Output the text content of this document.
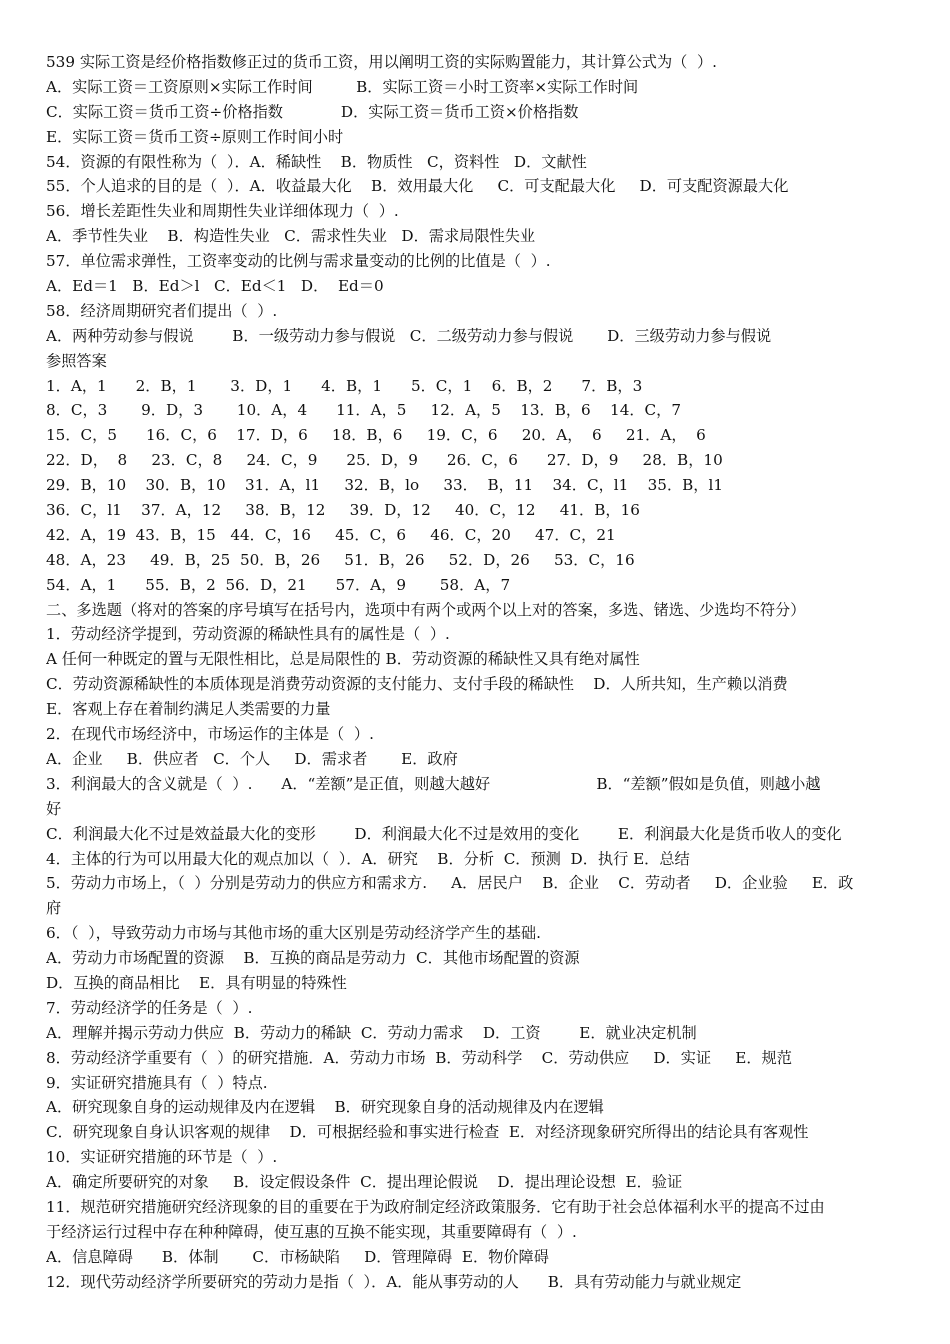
539 实际工资是经价格指数修正过的货币工资，用以阐明工资的实际购置能力，其计算公式为（  ）.
A．实际工资＝工资原则×实际工作时间         B．实际工资＝小时工资率×实际工作时间
C．实际工资＝货币工资÷价格指数            D．实际工资＝货币工资×价格指数
E．实际工资＝货币工资÷原则工作时间小时
54．资源的有限性称为（  ）．A．稀缺性    B．物质性   C，资料性   D．文献性
55．个人追求的目的是（  ）．A．收益最大化    B．效用最大化     C．可支配最大化     D．可支配资源最大化
56．增长差距性失业和周期性失业详细体现力（  ）.
A．季节性失业    B．构造性失业   C．需求性失业   D．需求局限性失业
57．单位需求弹性，工资率变动的比例与需求量变动的比例的比值是（  ）.
A．Ed＝1   B．Ed＞l   C．Ed＜1   D．  Ed＝0
58．经济周期研究者们提出（  ）.
A．两种劳动参与假说        B．一级劳动力参与假说   C．二级劳动力参与假说       D．三级劳动力参与假说
参照答案
1．A，1      2．B，1       3．D，1      4．B，1      5．C，1    6．B，2      7．B，3
8．C，3       9．D，3       10．A，4      11．A，5     12．A，5    13．B，6    14．C，7
15．C，5      16．C，6    17．D，6     18．B，6     19．C，6     20．A，  6     21．A，  6
22．D，  8     23．C，8     24．C，9      25．D，9      26．C，6      27．D，9     28．B，10
29．B，10    30．B，10    31．A，l1     32．B，lo     33．  B，11    34．C，l1    35．B，l1
36．C，l1    37．A，12     38．B，12     39．D，12     40．C，12     41．B，16
42．A，19  43．B，15   44．C，16     45．C，6     46．C，20     47．C，21
48．A，23     49．B，25  50．B，26     51．B，26     52．D，26     53．C，16
54．A，1      55．B，2  56．D，21      57．A，9       58．A，7
二、多选题（将对的答案的序号填写在括号内，选项中有两个或两个以上对的答案，多选、锗选、少选均不符分）
1．劳动经济学提到，劳动资源的稀缺性具有的属性是（  ）.
A 任何一种既定的置与无限性相比，总是局限性的 B．劳动资源的稀缺性又具有绝对属性
C．劳动资源稀缺性的本质体现是消费劳动资源的支付能力、支付手段的稀缺性    D．人所共知，生产赖以消费
E．客观上存在着制约满足人类需要的力量
2．在现代市场经济中，市场运作的主体是（  ）.
A．企业     B．供应者   C．个人     D．需求者       E．政府
3．利润最大的含义就是（  ）.      A．“差额”是正值，则越大越好                      B．“差额”假如是负值，则越小越
好
C．利润最大化不过是效益最大化的变形        D．利润最大化不过是效用的变化        E．利润最大化是货币收人的变化
4．主体的行为可以用最大化的观点加以（  ）．A．研究    B．分析  C．预测  D．执行 E．总结
5．劳动力市场上，（  ）分别是劳动力的供应方和需求方.     A．居民户    B．企业    C．劳动者     D．企业验     E．政
府
6．（  ），导致劳动力市场与其他市场的重大区别是劳动经济学产生的基础.
A．劳动力市场配置的资源    B．互换的商品是劳动力  C．其他市场配置的资源
D．互换的商品相比    E．具有明显的特殊性
7．劳动经济学的任务是（  ）.
A．理解并揭示劳动力供应  B．劳动力的稀缺  C．劳动力需求    D．工资        E．就业决定机制
8．劳动经济学重要有（  ）的研究措施．A．劳动力市场  B．劳动科学    C．劳动供应     D．实证     E．规范
9．实证研究措施具有（  ）特点.
A．研究现象自身的运动规律及内在逻辑    B．研究现象自身的活动规律及内在逻辑
C．研究现象自身认识客观的规律    D．可根据经验和事实进行检查  E．对经济现象研究所得出的结论具有客观性
10．实证研究措施的环节是（  ）.
A．确定所要研究的对象     B．设定假设条件  C．提出理论假说    D．提出理论设想  E．验证
11．规范研究措施研究经济现象的目的重要在于为政府制定经济政策服务．它有助于社会总体福利水平的提高不过由
于经济运行过程中存在种种障碍，使互惠的互换不能实现，其重要障碍有（  ）.
A．信息障碍      B．体制       C．市杨缺陷     D．管理障碍  E．物价障碍
12．现代劳动经济学所要研究的劳动力是指（  ）．A．能从事劳动的人      B．具有劳动能力与就业规定
